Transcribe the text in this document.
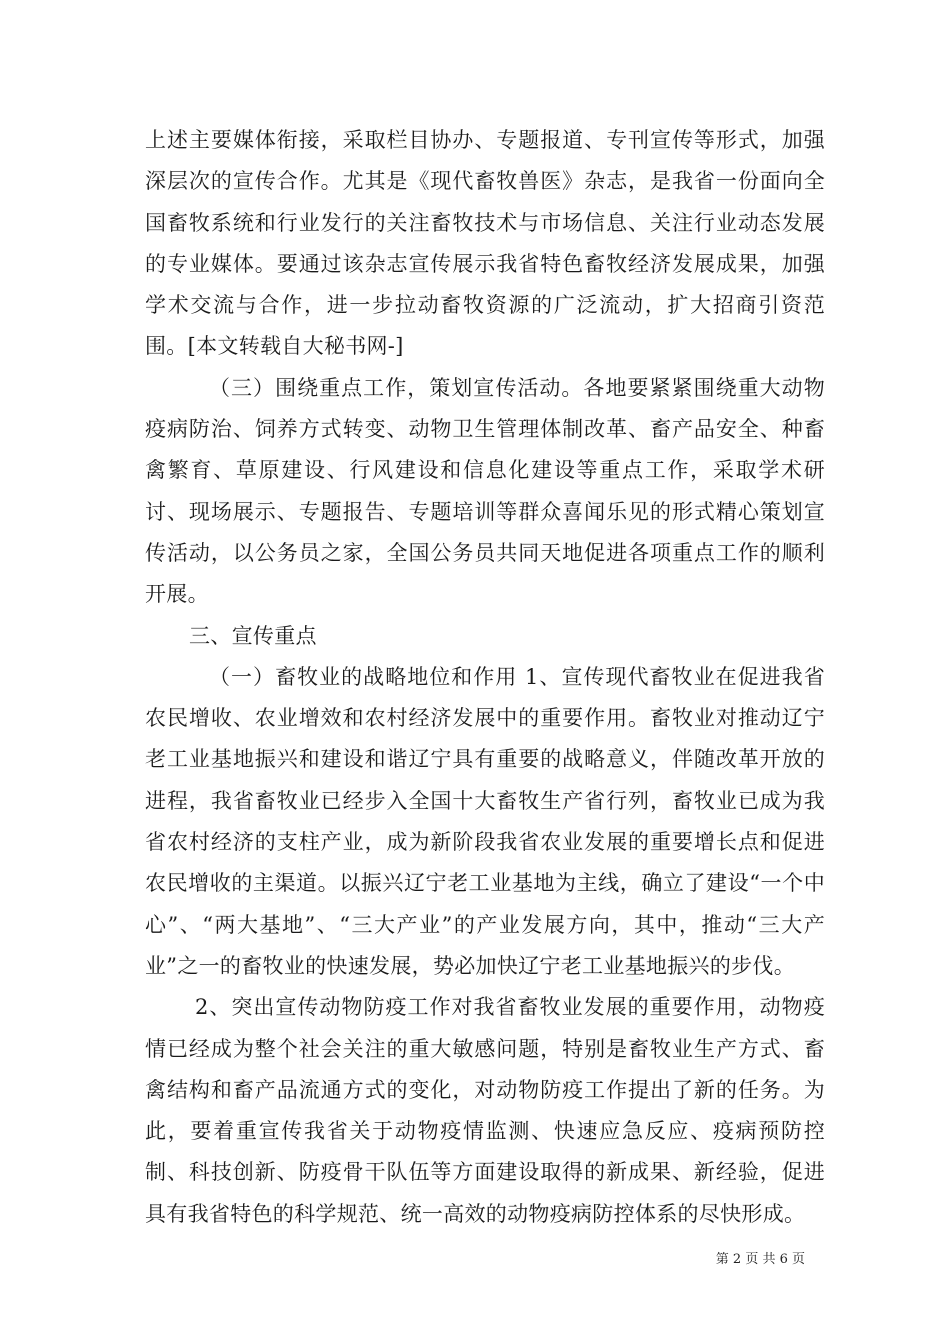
上述主要媒体衔接，采取栏目协办、专题报道、专刊宣传等形式，加强深层次的宣传合作。尤其是《现代畜牧兽医》杂志，是我省一份面向全国畜牧系统和行业发行的关注畜牧技术与市场信息、关注行业动态发展的专业媒体。要通过该杂志宣传展示我省特色畜牧经济发展成果，加强学术交流与合作，进一步拉动畜牧资源的广泛流动，扩大招商引资范围。[本文转载自大秘书网-]

（三）围绕重点工作，策划宣传活动。各地要紧紧围绕重大动物疫病防治、饲养方式转变、动物卫生管理体制改革、畜产品安全、种畜禽繁育、草原建设、行风建设和信息化建设等重点工作，采取学术研讨、现场展示、专题报告、专题培训等群众喜闻乐见的形式精心策划宣传活动，以公务员之家，全国公务员共同天地促进各项重点工作的顺利开展。

三、宣传重点

（一）畜牧业的战略地位和作用 1、宣传现代畜牧业在促进我省农民增收、农业增效和农村经济发展中的重要作用。畜牧业对推动辽宁老工业基地振兴和建设和谐辽宁具有重要的战略意义，伴随改革开放的进程，我省畜牧业已经步入全国十大畜牧生产省行列，畜牧业已成为我省农村经济的支柱产业，成为新阶段我省农业发展的重要增长点和促进农民增收的主渠道。以振兴辽宁老工业基地为主线，确立了建设“一个中心”、“两大基地”、“三大产业”的产业发展方向，其中，推动“三大产业”之一的畜牧业的快速发展，势必加快辽宁老工业基地振兴的步伐。

2、突出宣传动物防疫工作对我省畜牧业发展的重要作用，动物疫情已经成为整个社会关注的重大敏感问题，特别是畜牧业生产方式、畜禽结构和畜产品流通方式的变化，对动物防疫工作提出了新的任务。为此，要着重宣传我省关于动物疫情监测、快速应急反应、疫病预防控制、科技创新、防疫骨干队伍等方面建设取得的新成果、新经验，促进具有我省特色的科学规范、统一高效的动物疫病防控体系的尽快形成。

第 2 页 共 6 页
